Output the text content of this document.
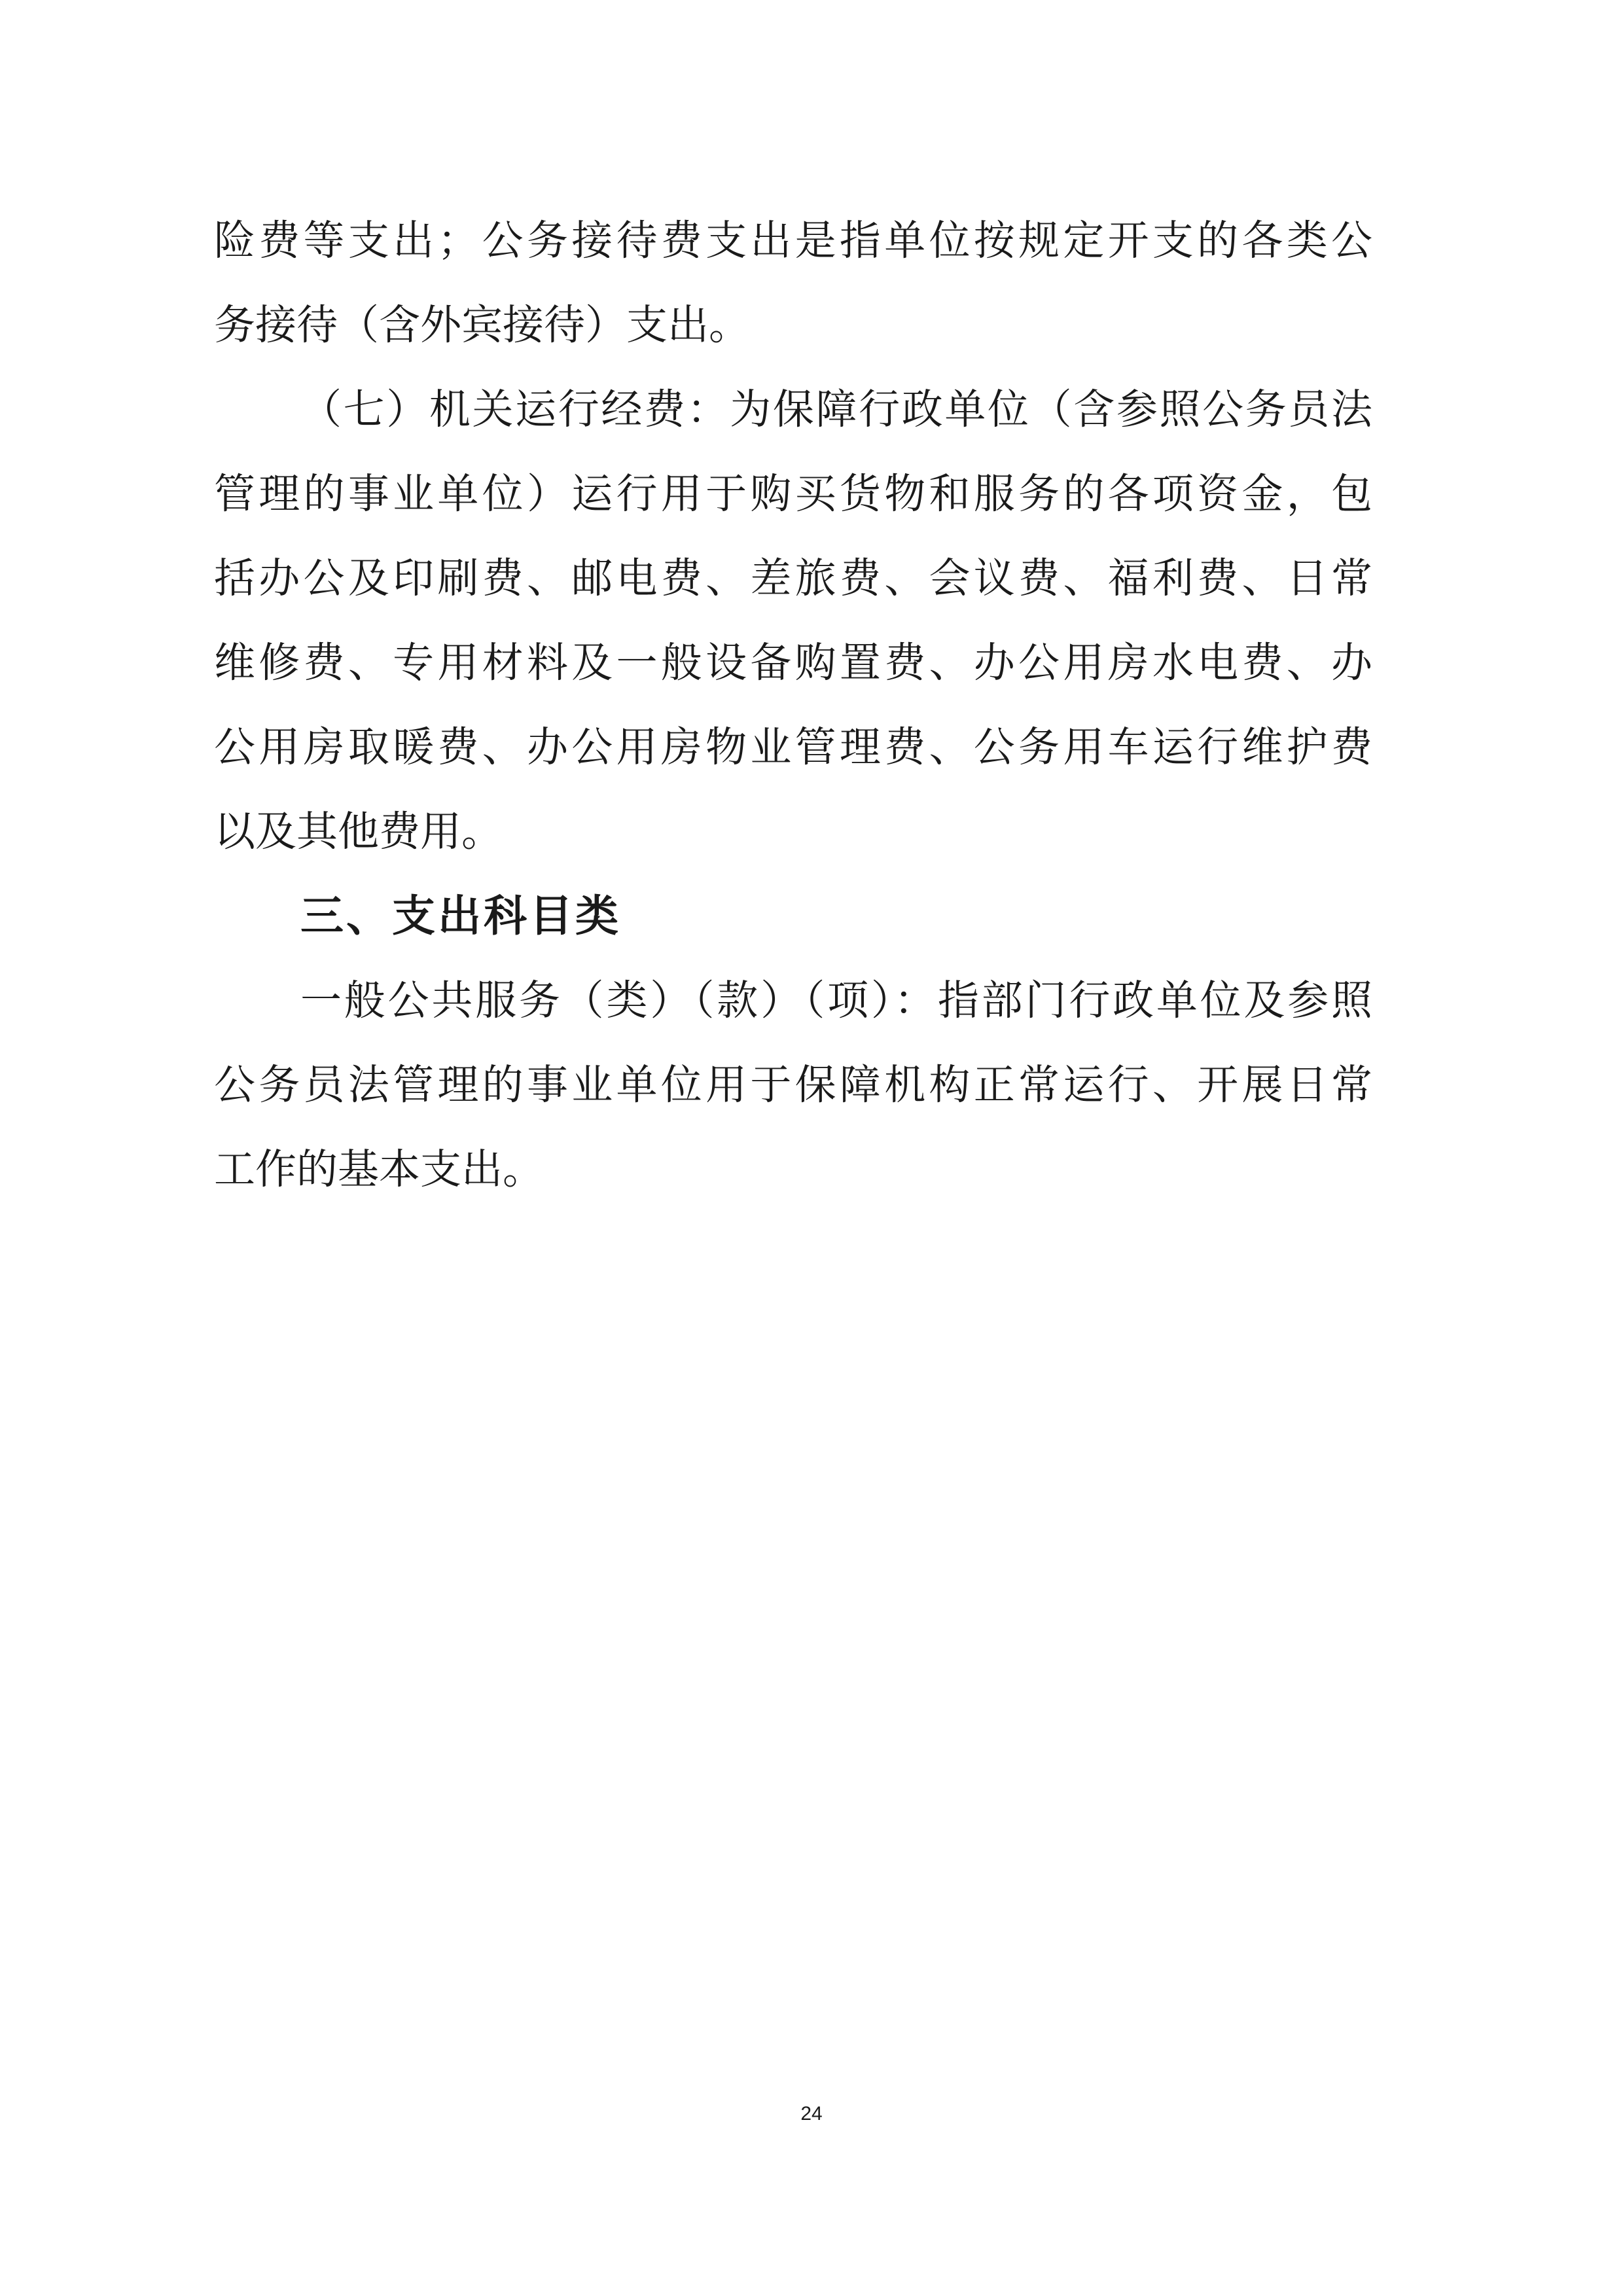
险费等支出；公务接待费支出是指单位按规定开支的各类公
务接待（含外宾接待）支出。
（七）机关运行经费：为保障行政单位（含参照公务员法
管理的事业单位）运行用于购买货物和服务的各项资金，包
括办公及印刷费、邮电费、差旅费、会议费、福利费、日常
维修费、专用材料及一般设备购置费、办公用房水电费、办
公用房取暖费、办公用房物业管理费、公务用车运行维护费
以及其他费用。
三、支出科目类
一般公共服务（类）（款）（项）：指部门行政单位及参照
公务员法管理的事业单位用于保障机构正常运行、开展日常
工作的基本支出。
24
